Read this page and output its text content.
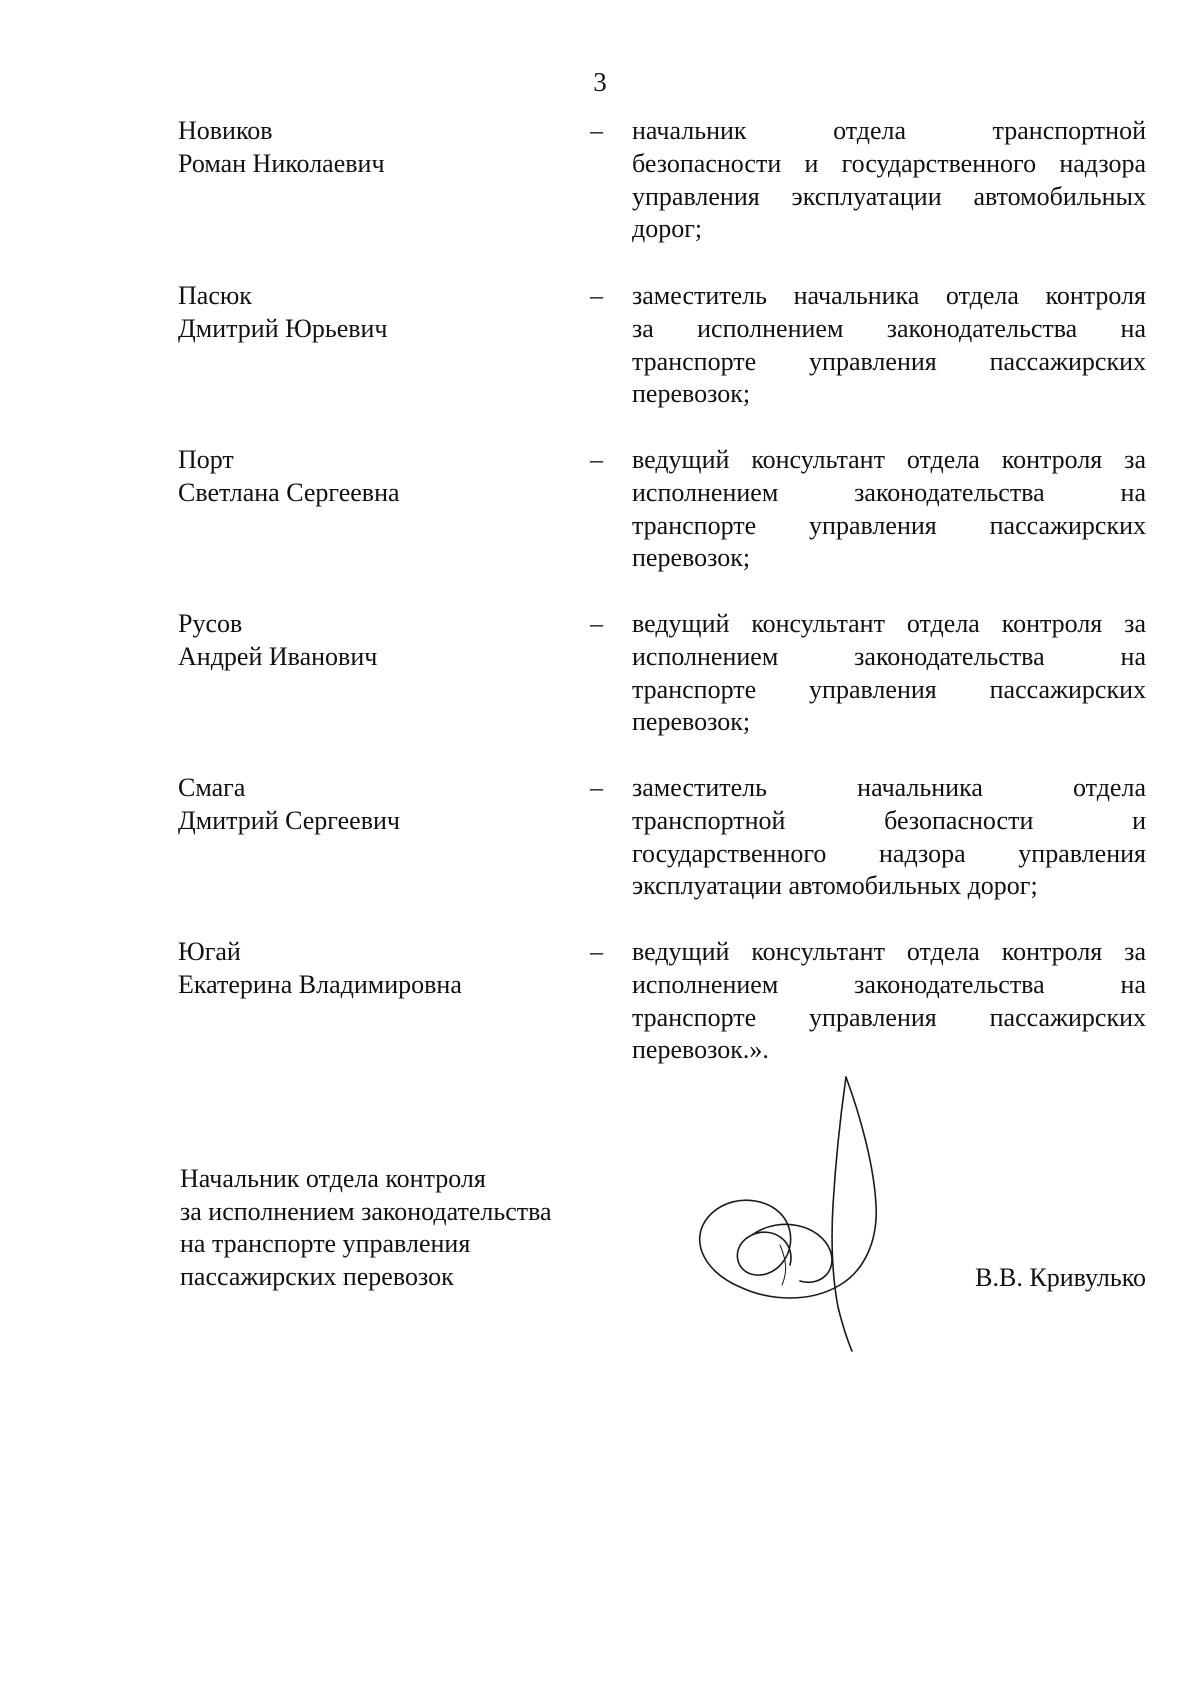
3
Новиков
Роман Николаевич
– начальник отдела транспортной
безопасности и государственного надзора
управления эксплуатации автомобильных
дорог;
Пасюк
Дмитрий Юрьевич
– заместитель начальника отдела контроля
за исполнением законодательства на
транспорте управления пассажирских
перевозок;
Порт
Светлана Сергеевна
– ведущий консультант отдела контроля за
исполнением законодательства на
транспорте управления пассажирских
перевозок;
Русов
Андрей Иванович
– ведущий консультант отдела контроля за
исполнением законодательства на
транспорте управления пассажирских
перевозок;
Смага
Дмитрий Сергеевич
– заместитель начальника отдела
транспортной безопасности и
государственного надзора управления
эксплуатации автомобильных дорог;
Югай
Екатерина Владимировна
– ведущий консультант отдела контроля за
исполнением законодательства на
транспорте управления пассажирских
перевозок.».
Начальник отдела контроля
за исполнением законодательства
на транспорте управления
пассажирских перевозок	В.В. Кривулько
